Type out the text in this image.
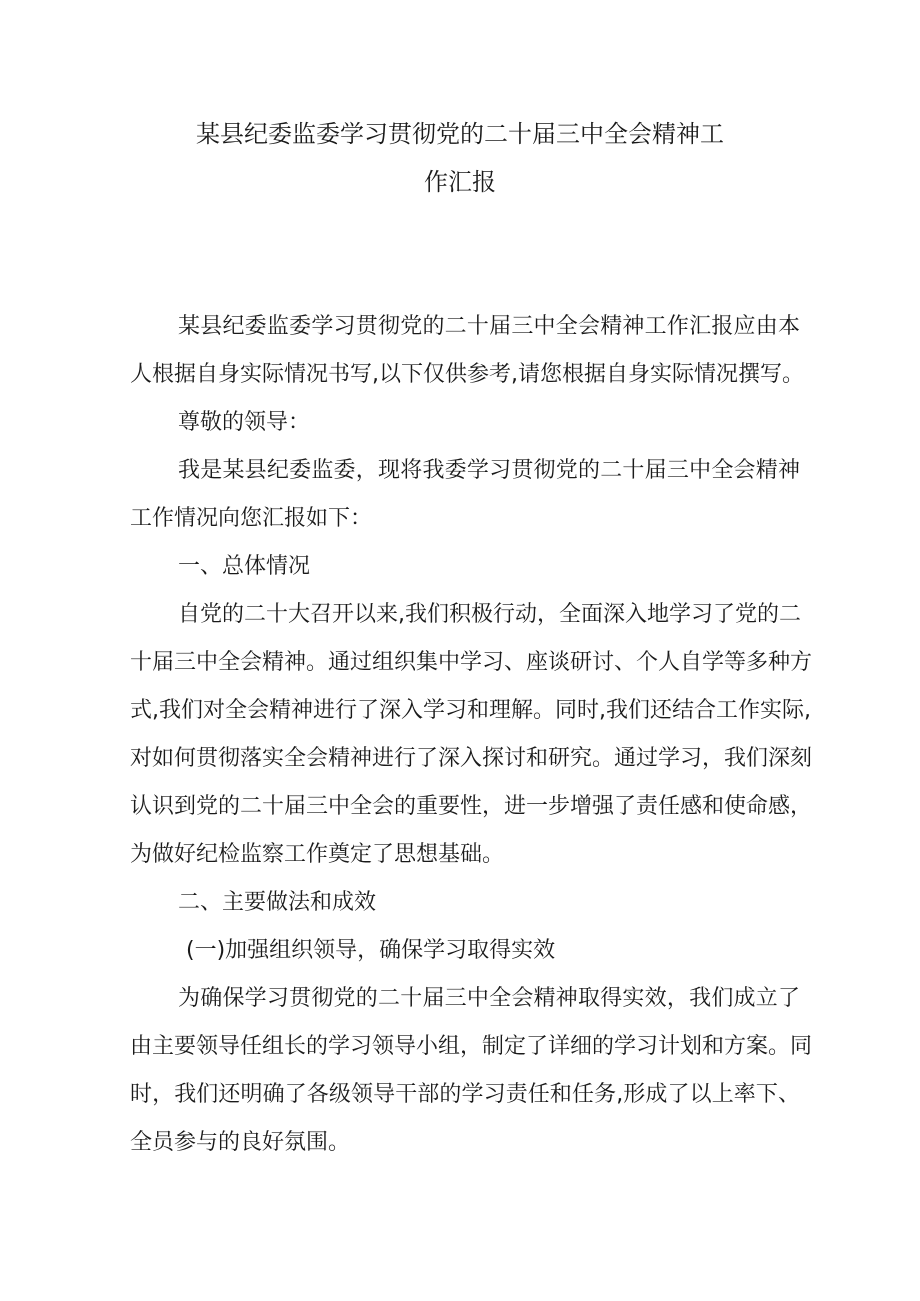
某县纪委监委学习贯彻党的二十届三中全会精神工
作汇报
某县纪委监委学习贯彻党的二十届三中全会精神工作汇报应由本
人根据自身实际情况书写,以下仅供参考,请您根据自身实际情况撰写。
尊敬的领导：
我是某县纪委监委，现将我委学习贯彻党的二十届三中全会精神
工作情况向您汇报如下：
一、总体情况
自党的二十大召开以来,我们积极行动，全面深入地学习了党的二
十届三中全会精神。通过组织集中学习、座谈研讨、个人自学等多种方
式,我们对全会精神进行了深入学习和理解。同时,我们还结合工作实际,
对如何贯彻落实全会精神进行了深入探讨和研究。通过学习，我们深刻
认识到党的二十届三中全会的重要性，进一步增强了责任感和使命感，
为做好纪检监察工作奠定了思想基础。
二、主要做法和成效
(一)加强组织领导，确保学习取得实效
为确保学习贯彻党的二十届三中全会精神取得实效，我们成立了
由主要领导任组长的学习领导小组，制定了详细的学习计划和方案。同
时，我们还明确了各级领导干部的学习责任和任务,形成了以上率下、
全员参与的良好氛围。
